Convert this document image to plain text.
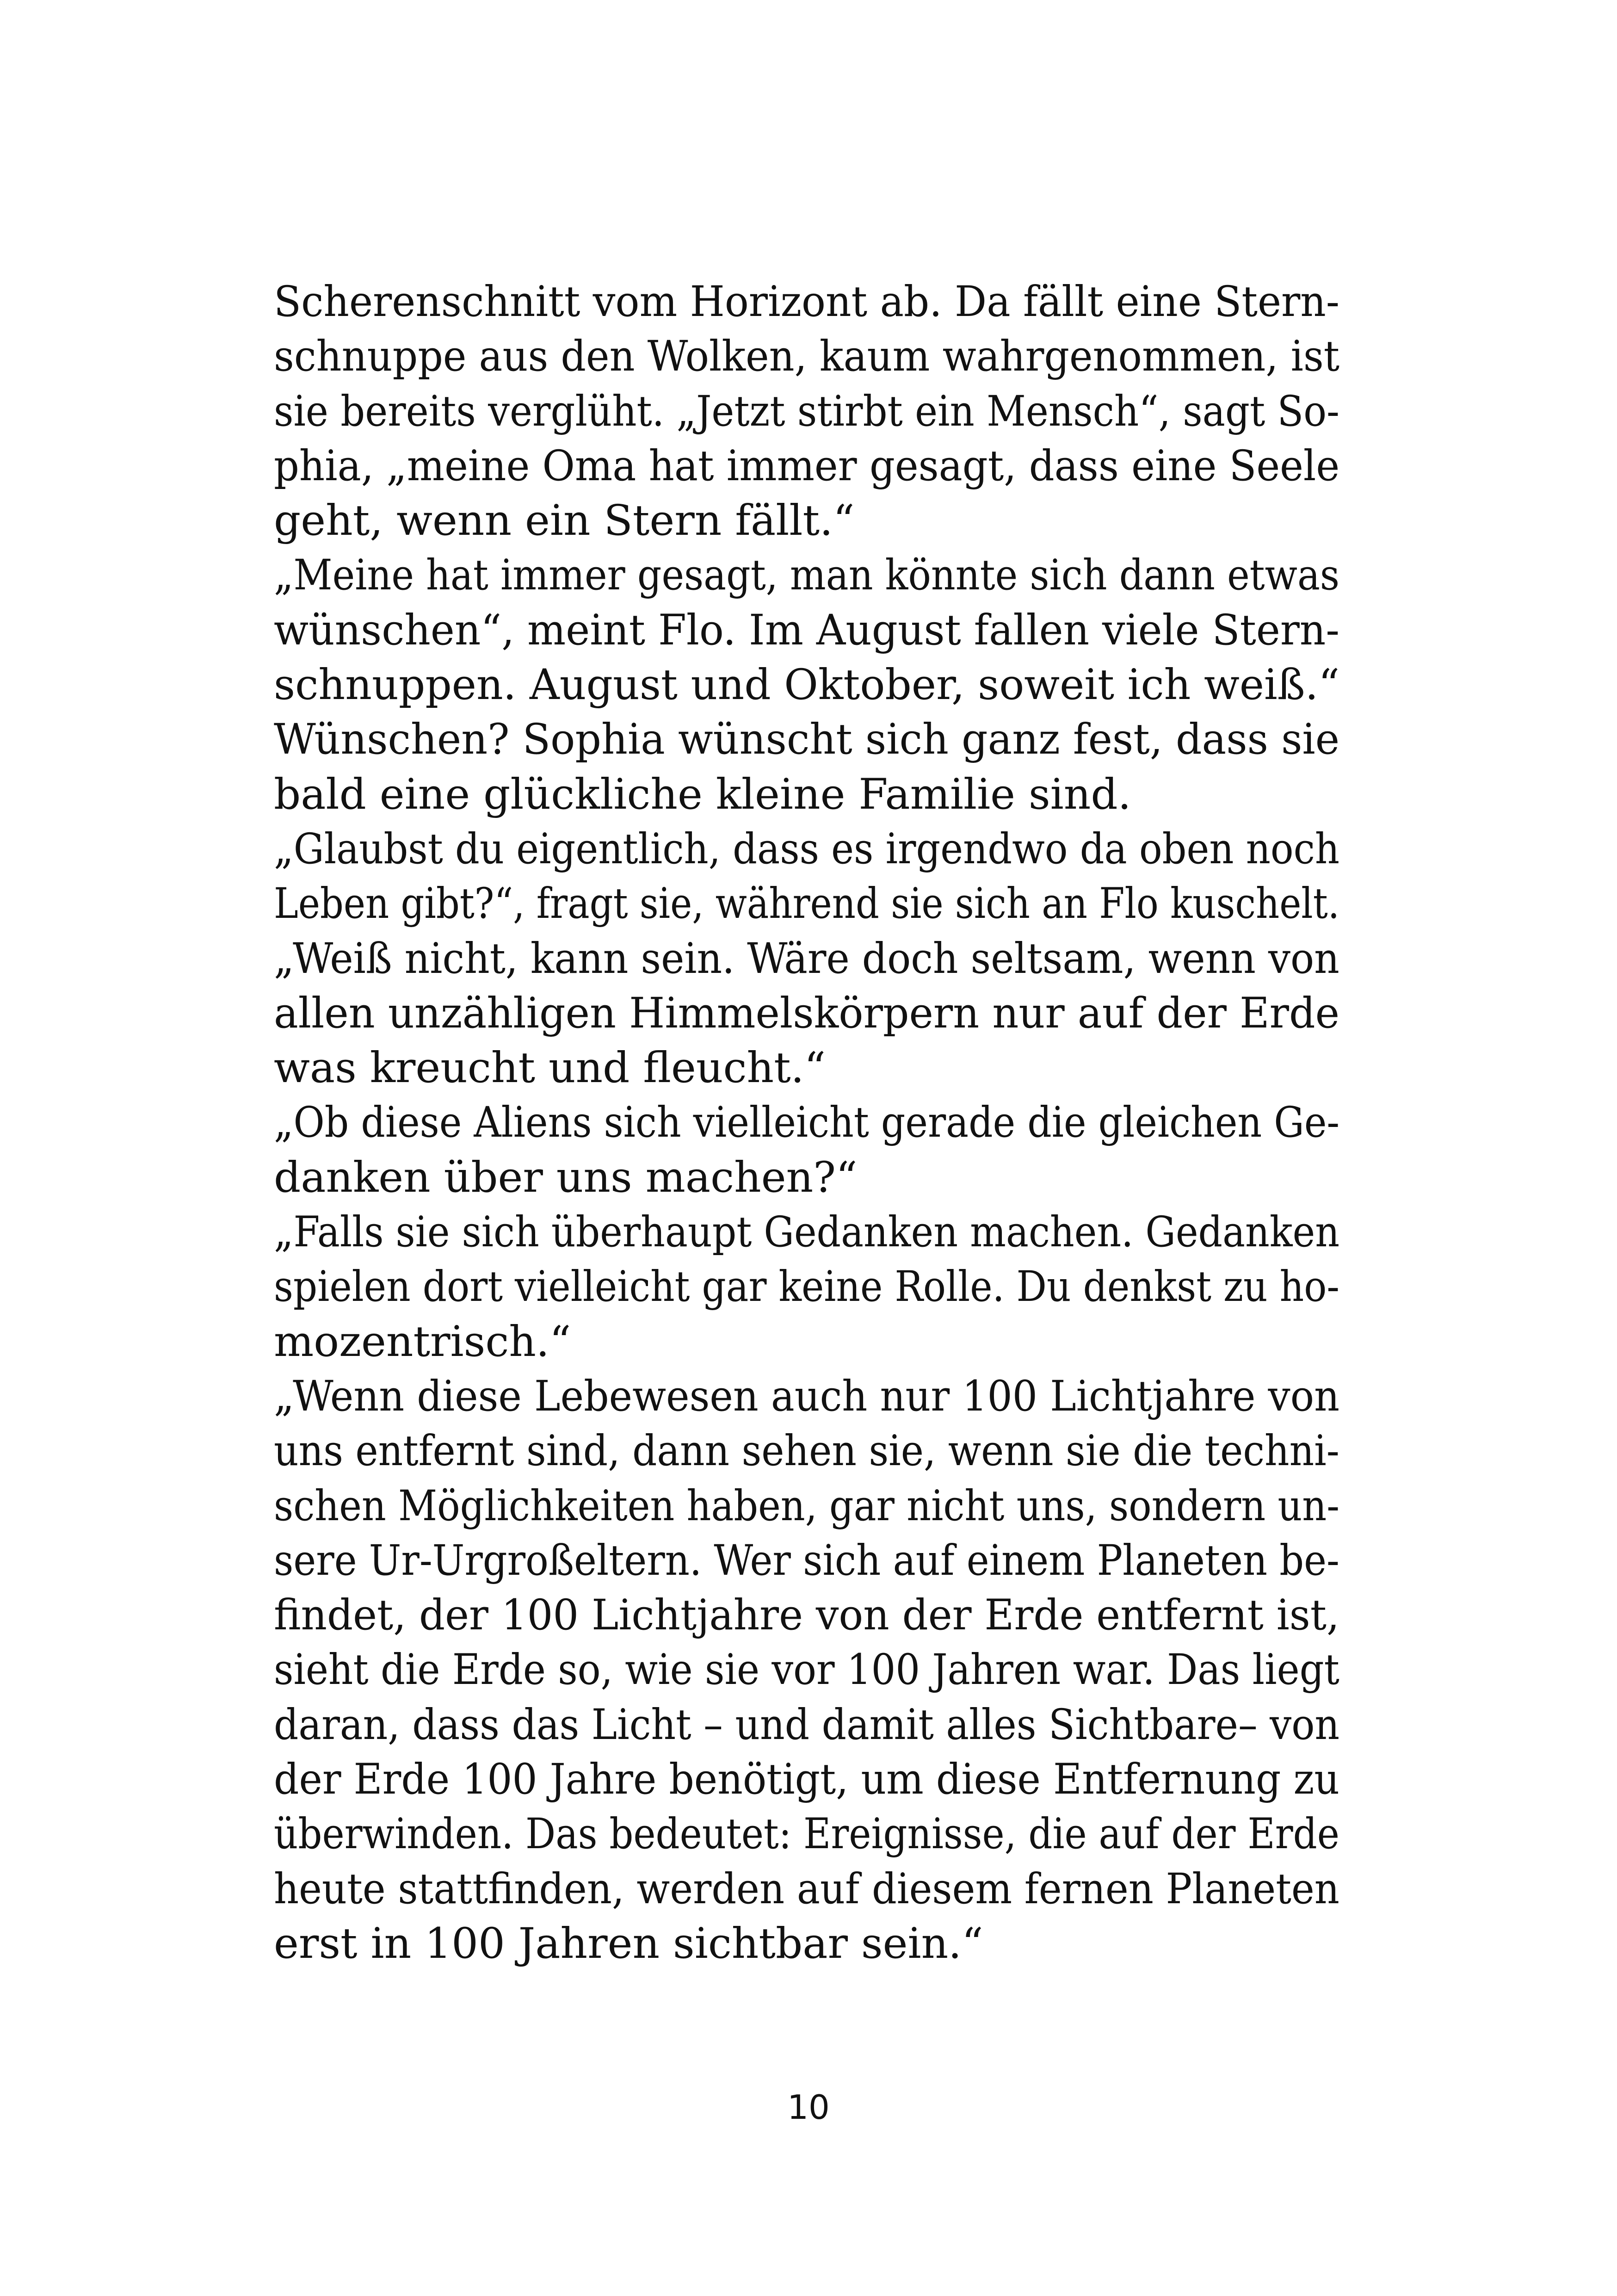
Scherenschnitt vom Horizont ab. Da fällt eine Stern-
schnuppe aus den Wolken, kaum wahrgenommen, ist
sie bereits verglüht. „Jetzt stirbt ein Mensch“, sagt So-
phia, „meine Oma hat immer gesagt, dass eine Seele
geht, wenn ein Stern fällt.“
„Meine hat immer gesagt, man könnte sich dann etwas
wünschen“, meint Flo. Im August fallen viele Stern-
schnuppen. August und Oktober, soweit ich weiß.“
Wünschen? Sophia wünscht sich ganz fest, dass sie
bald eine glückliche kleine Familie sind.
„Glaubst du eigentlich, dass es irgendwo da oben noch
Leben gibt?“, fragt sie, während sie sich an Flo kuschelt.
„Weiß nicht, kann sein. Wäre doch seltsam, wenn von
allen unzähligen Himmelskörpern nur auf der Erde
was kreucht und fleucht.“
„Ob diese Aliens sich vielleicht gerade die gleichen Ge-
danken über uns machen?“
„Falls sie sich überhaupt Gedanken machen. Gedanken
spielen dort vielleicht gar keine Rolle. Du denkst zu ho-
mozentrisch.“
„Wenn diese Lebewesen auch nur 100 Lichtjahre von
uns entfernt sind, dann sehen sie, wenn sie die techni-
schen Möglichkeiten haben, gar nicht uns, sondern un-
sere Ur-Urgroßeltern. Wer sich auf einem Planeten be-
findet, der 100 Lichtjahre von der Erde entfernt ist,
sieht die Erde so, wie sie vor 100 Jahren war. Das liegt
daran, dass das Licht – und damit alles Sichtbare– von
der Erde 100 Jahre benötigt, um diese Entfernung zu
überwinden. Das bedeutet: Ereignisse, die auf der Erde
heute stattfinden, werden auf diesem fernen Planeten
erst in 100 Jahren sichtbar sein.“
10
